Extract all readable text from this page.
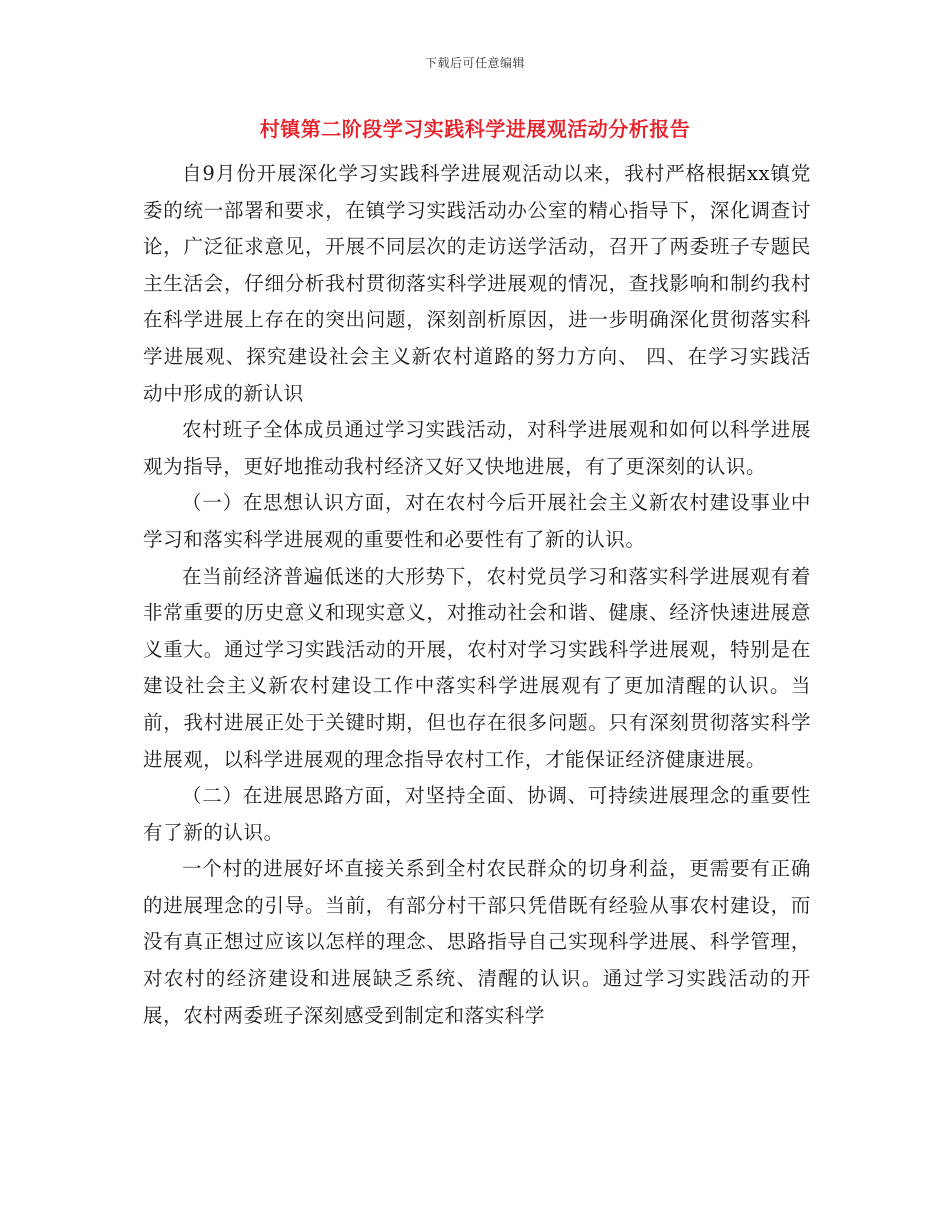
下载后可任意编辑
村镇第二阶段学习实践科学进展观活动分析报告

自9月份开展深化学习实践科学进展观活动以来，我村严格根据xx镇党委的统一部署和要求，在镇学习实践活动办公室的精心指导下，深化调查讨论，广泛征求意见，开展不同层次的走访送学活动，召开了两委班子专题民主生活会，仔细分析我村贯彻落实科学进展观的情况，查找影响和制约我村在科学进展上存在的突出问题，深刻剖析原因，进一步明确深化贯彻落实科学进展观、探究建设社会主义新农村道路的努力方向、 四、在学习实践活动中形成的新认识

农村班子全体成员通过学习实践活动，对科学进展观和如何以科学进展观为指导，更好地推动我村经济又好又快地进展，有了更深刻的认识。

（一）在思想认识方面，对在农村今后开展社会主义新农村建设事业中学习和落实科学进展观的重要性和必要性有了新的认识。

在当前经济普遍低迷的大形势下，农村党员学习和落实科学进展观有着非常重要的历史意义和现实意义，对推动社会和谐、健康、经济快速进展意义重大。通过学习实践活动的开展，农村对学习实践科学进展观，特别是在建设社会主义新农村建设工作中落实科学进展观有了更加清醒的认识。当前，我村进展正处于关键时期，但也存在很多问题。只有深刻贯彻落实科学进展观，以科学进展观的理念指导农村工作，才能保证经济健康进展。

（二）在进展思路方面，对坚持全面、协调、可持续进展理念的重要性有了新的认识。

一个村的进展好坏直接关系到全村农民群众的切身利益，更需要有正确的进展理念的引导。当前，有部分村干部只凭借既有经验从事农村建设，而没有真正想过应该以怎样的理念、思路指导自己实现科学进展、科学管理，对农村的经济建设和进展缺乏系统、清醒的认识。通过学习实践活动的开展，农村两委班子深刻感受到制定和落实科学
